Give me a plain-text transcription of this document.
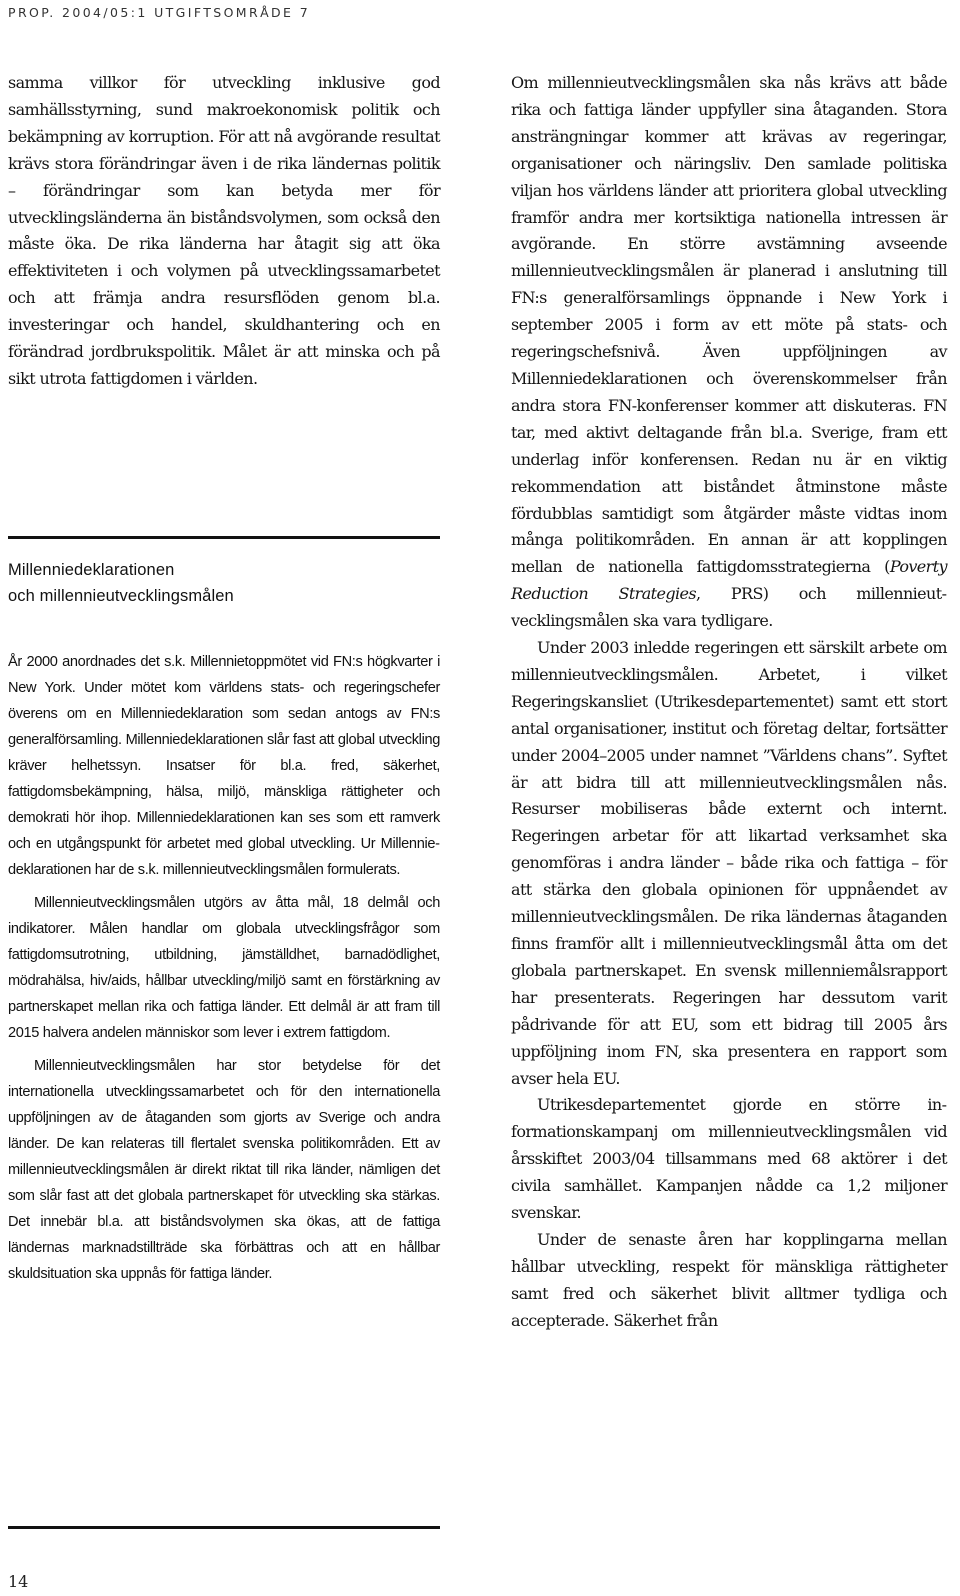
PROP. 2004/05:1 UTGIFTSOMRÅDE 7

samma villkor för utveckling inklusive god samhällsstyrning, sund makroekonomisk politik och bekämpning av korruption. För att nå avgörande resultat krävs stora förändringar även i de rika ländernas politik – förändringar som kan betyda mer för utvecklingsländerna än biståndsvolymen, som också den måste öka. De rika länderna har åtagit sig att öka effektiviteten i och volymen på utvecklingssamarbetet och att främja andra resursflöden genom bl.a. investeringar och handel, skuldhantering och en förändrad jordbrukspolitik. Målet är att minska och på sikt utrota fattigdomen i världen.

Millenniedeklarationen
och millennieutvecklingsmålen

År 2000 anordnades det s.k. Millennietoppmötet vid FN:s högkvarter i New York. Under mötet kom världens stats- och regeringschefer överens om en Millenniedeklaration som sedan antogs av FN:s generalförsamling. Millenniedeklarationen slår fast att global utveckling kräver helhetssyn. Insatser för bl.a. fred, säkerhet, fattigdomsbekämpning, hälsa, miljö, mänskliga rättigheter och demokrati hör ihop. Millenniedeklarationen kan ses som ett ramverk och en utgångspunkt för arbetet med global utveckling. Ur Millenniedeklarationen har de s.k. millennieutvecklingsmålen formulerats.

Millennieutvecklingsmålen utgörs av åtta mål, 18 delmål och indikatorer. Målen handlar om globala utvecklingsfrågor som fattigdomsutrotning, utbildning, jämställdhet, barnadödlighet, mödrahälsa, hiv/aids, hållbar utveckling/miljö samt en förstärkning av partnerskapet mellan rika och fattiga länder. Ett delmål är att fram till 2015 halvera andelen människor som lever i extrem fattigdom.

Millennieutvecklingsmålen har stor betydelse för det internationella utvecklingssamarbetet och för den internationella uppföljningen av de åtaganden som gjorts av Sverige och andra länder. De kan relateras till flertalet svenska politikområden. Ett av millennieutvecklingsmålen är direkt riktat till rika länder, nämligen det som slår fast att det globala partnerskapet för utveckling ska stärkas. Det innebär bl.a. att biståndsvolymen ska ökas, att de fattiga ländernas marknadstillträde ska förbättras och att en hållbar skuldsituation ska uppnås för fattiga länder.

Om millennieutvecklingsmålen ska nås krävs att både rika och fattiga länder uppfyller sina åtaganden. Stora ansträngningar kommer att krävas av regeringar, organisationer och näringsliv. Den samlade politiska viljan hos världens länder att prioritera global utveckling framför andra mer kortsiktiga nationella intressen är avgörande. En större avstämning avseende millennieutvecklingsmålen är planerad i anslutning till FN:s generalförsamlings öppnande i New York i september 2005 i form av ett möte på stats- och regeringschefsnivå. Även uppföljningen av Millenniedeklarationen och överenskommelser från andra stora FN-konferenser kommer att diskuteras. FN tar, med aktivt deltagande från bl.a. Sverige, fram ett underlag inför konferensen. Redan nu är en viktig rekommendation att biståndet åtminstone måste fördubblas samtidigt som åtgärder måste vidtas inom många politikområden. En annan är att kopplingen mellan de nationella fattigdomsstrategierna (Poverty Reduction Strategies, PRS) och millennieutvecklingsmålen ska vara tydligare.

Under 2003 inledde regeringen ett särskilt arbete om millennieutvecklingsmålen. Arbetet, i vilket Regeringskansliet (Utrikesdepartementet) samt ett stort antal organisationer, institut och företag deltar, fortsätter under 2004–2005 under namnet ”Världens chans”. Syftet är att bidra till att millennieutvecklingsmålen nås. Resurser mobiliseras både externt och internt. Regeringen arbetar för att likartad verksamhet ska genomföras i andra länder – både rika och fattiga – för att stärka den globala opinionen för uppnåendet av millennieutvecklingsmålen. De rika ländernas åtaganden finns framför allt i millennieutvecklingsmål åtta om det globala partnerskapet. En svensk millenniemålsrapport har presenterats. Regeringen har dessutom varit pådrivande för att EU, som ett bidrag till 2005 års uppföljning inom FN, ska presentera en rapport som avser hela EU.

Utrikesdepartementet gjorde en större informationskampanj om millennieutvecklingsmålen vid årsskiftet 2003/04 tillsammans med 68 aktörer i det civila samhället. Kampanjen nådde ca 1,2 miljoner svenskar.

Under de senaste åren har kopplingarna mellan hållbar utveckling, respekt för mänskliga rättigheter samt fred och säkerhet blivit alltmer tydliga och accepterade. Säkerhet från

14
